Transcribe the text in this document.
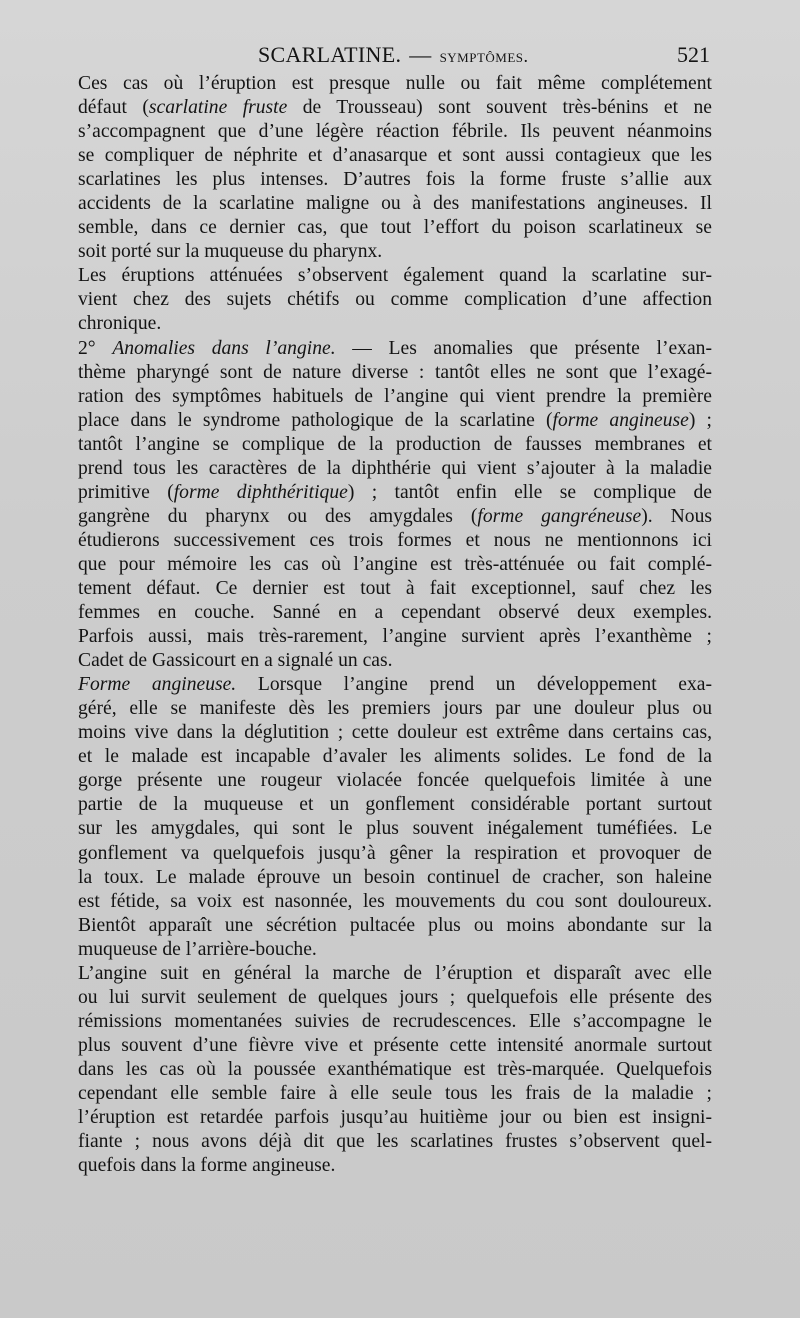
SCARLATINE. — symptômes.	521

Ces cas où l’éruption est presque nulle ou fait même complétement
défaut (scarlatine fruste de Trousseau) sont souvent très-bénins et ne
s’accompagnent que d’une légère réaction fébrile. Ils peuvent néanmoins
se compliquer de néphrite et d’anasarque et sont aussi contagieux que les
scarlatines les plus intenses. D’autres fois la forme fruste s’allie aux
accidents de la scarlatine maligne ou à des manifestations angineuses. Il
semble, dans ce dernier cas, que tout l’effort du poison scarlatineux se
soit porté sur la muqueuse du pharynx.

Les éruptions atténuées s’observent également quand la scarlatine sur-
vient chez des sujets chétifs ou comme complication d’une affection
chronique.

2° Anomalies dans l’angine. — Les anomalies que présente l’exan-
thème pharyngé sont de nature diverse : tantôt elles ne sont que l’exagé-
ration des symptômes habituels de l’angine qui vient prendre la première
place dans le syndrome pathologique de la scarlatine (forme angineuse) ;
tantôt l’angine se complique de la production de fausses membranes et
prend tous les caractères de la diphthérie qui vient s’ajouter à la maladie
primitive (forme diphthéritique) ; tantôt enfin elle se complique de
gangrène du pharynx ou des amygdales (forme gangréneuse). Nous
étudierons successivement ces trois formes et nous ne mentionnons ici
que pour mémoire les cas où l’angine est très-atténuée ou fait complé-
tement défaut. Ce dernier est tout à fait exceptionnel, sauf chez les
femmes en couche. Sanné en a cependant observé deux exemples.
Parfois aussi, mais très-rarement, l’angine survient après l’exanthème ;
Cadet de Gassicourt en a signalé un cas.

Forme angineuse. Lorsque l’angine prend un développement exa-
géré, elle se manifeste dès les premiers jours par une douleur plus ou
moins vive dans la déglutition ; cette douleur est extrême dans certains cas,
et le malade est incapable d’avaler les aliments solides. Le fond de la
gorge présente une rougeur violacée foncée quelquefois limitée à une
partie de la muqueuse et un gonflement considérable portant surtout
sur les amygdales, qui sont le plus souvent inégalement tuméfiées. Le
gonflement va quelquefois jusqu’à gêner la respiration et provoquer de
la toux. Le malade éprouve un besoin continuel de cracher, son haleine
est fétide, sa voix est nasonnée, les mouvements du cou sont douloureux.
Bientôt apparaît une sécrétion pultacée plus ou moins abondante sur la
muqueuse de l’arrière-bouche.

L’angine suit en général la marche de l’éruption et disparaît avec elle
ou lui survit seulement de quelques jours ; quelquefois elle présente des
rémissions momentanées suivies de recrudescences. Elle s’accompagne le
plus souvent d’une fièvre vive et présente cette intensité anormale surtout
dans les cas où la poussée exanthématique est très-marquée. Quelquefois
cependant elle semble faire à elle seule tous les frais de la maladie ;
l’éruption est retardée parfois jusqu’au huitième jour ou bien est insigni-
fiante ; nous avons déjà dit que les scarlatines frustes s’observent quel-
quefois dans la forme angineuse.
